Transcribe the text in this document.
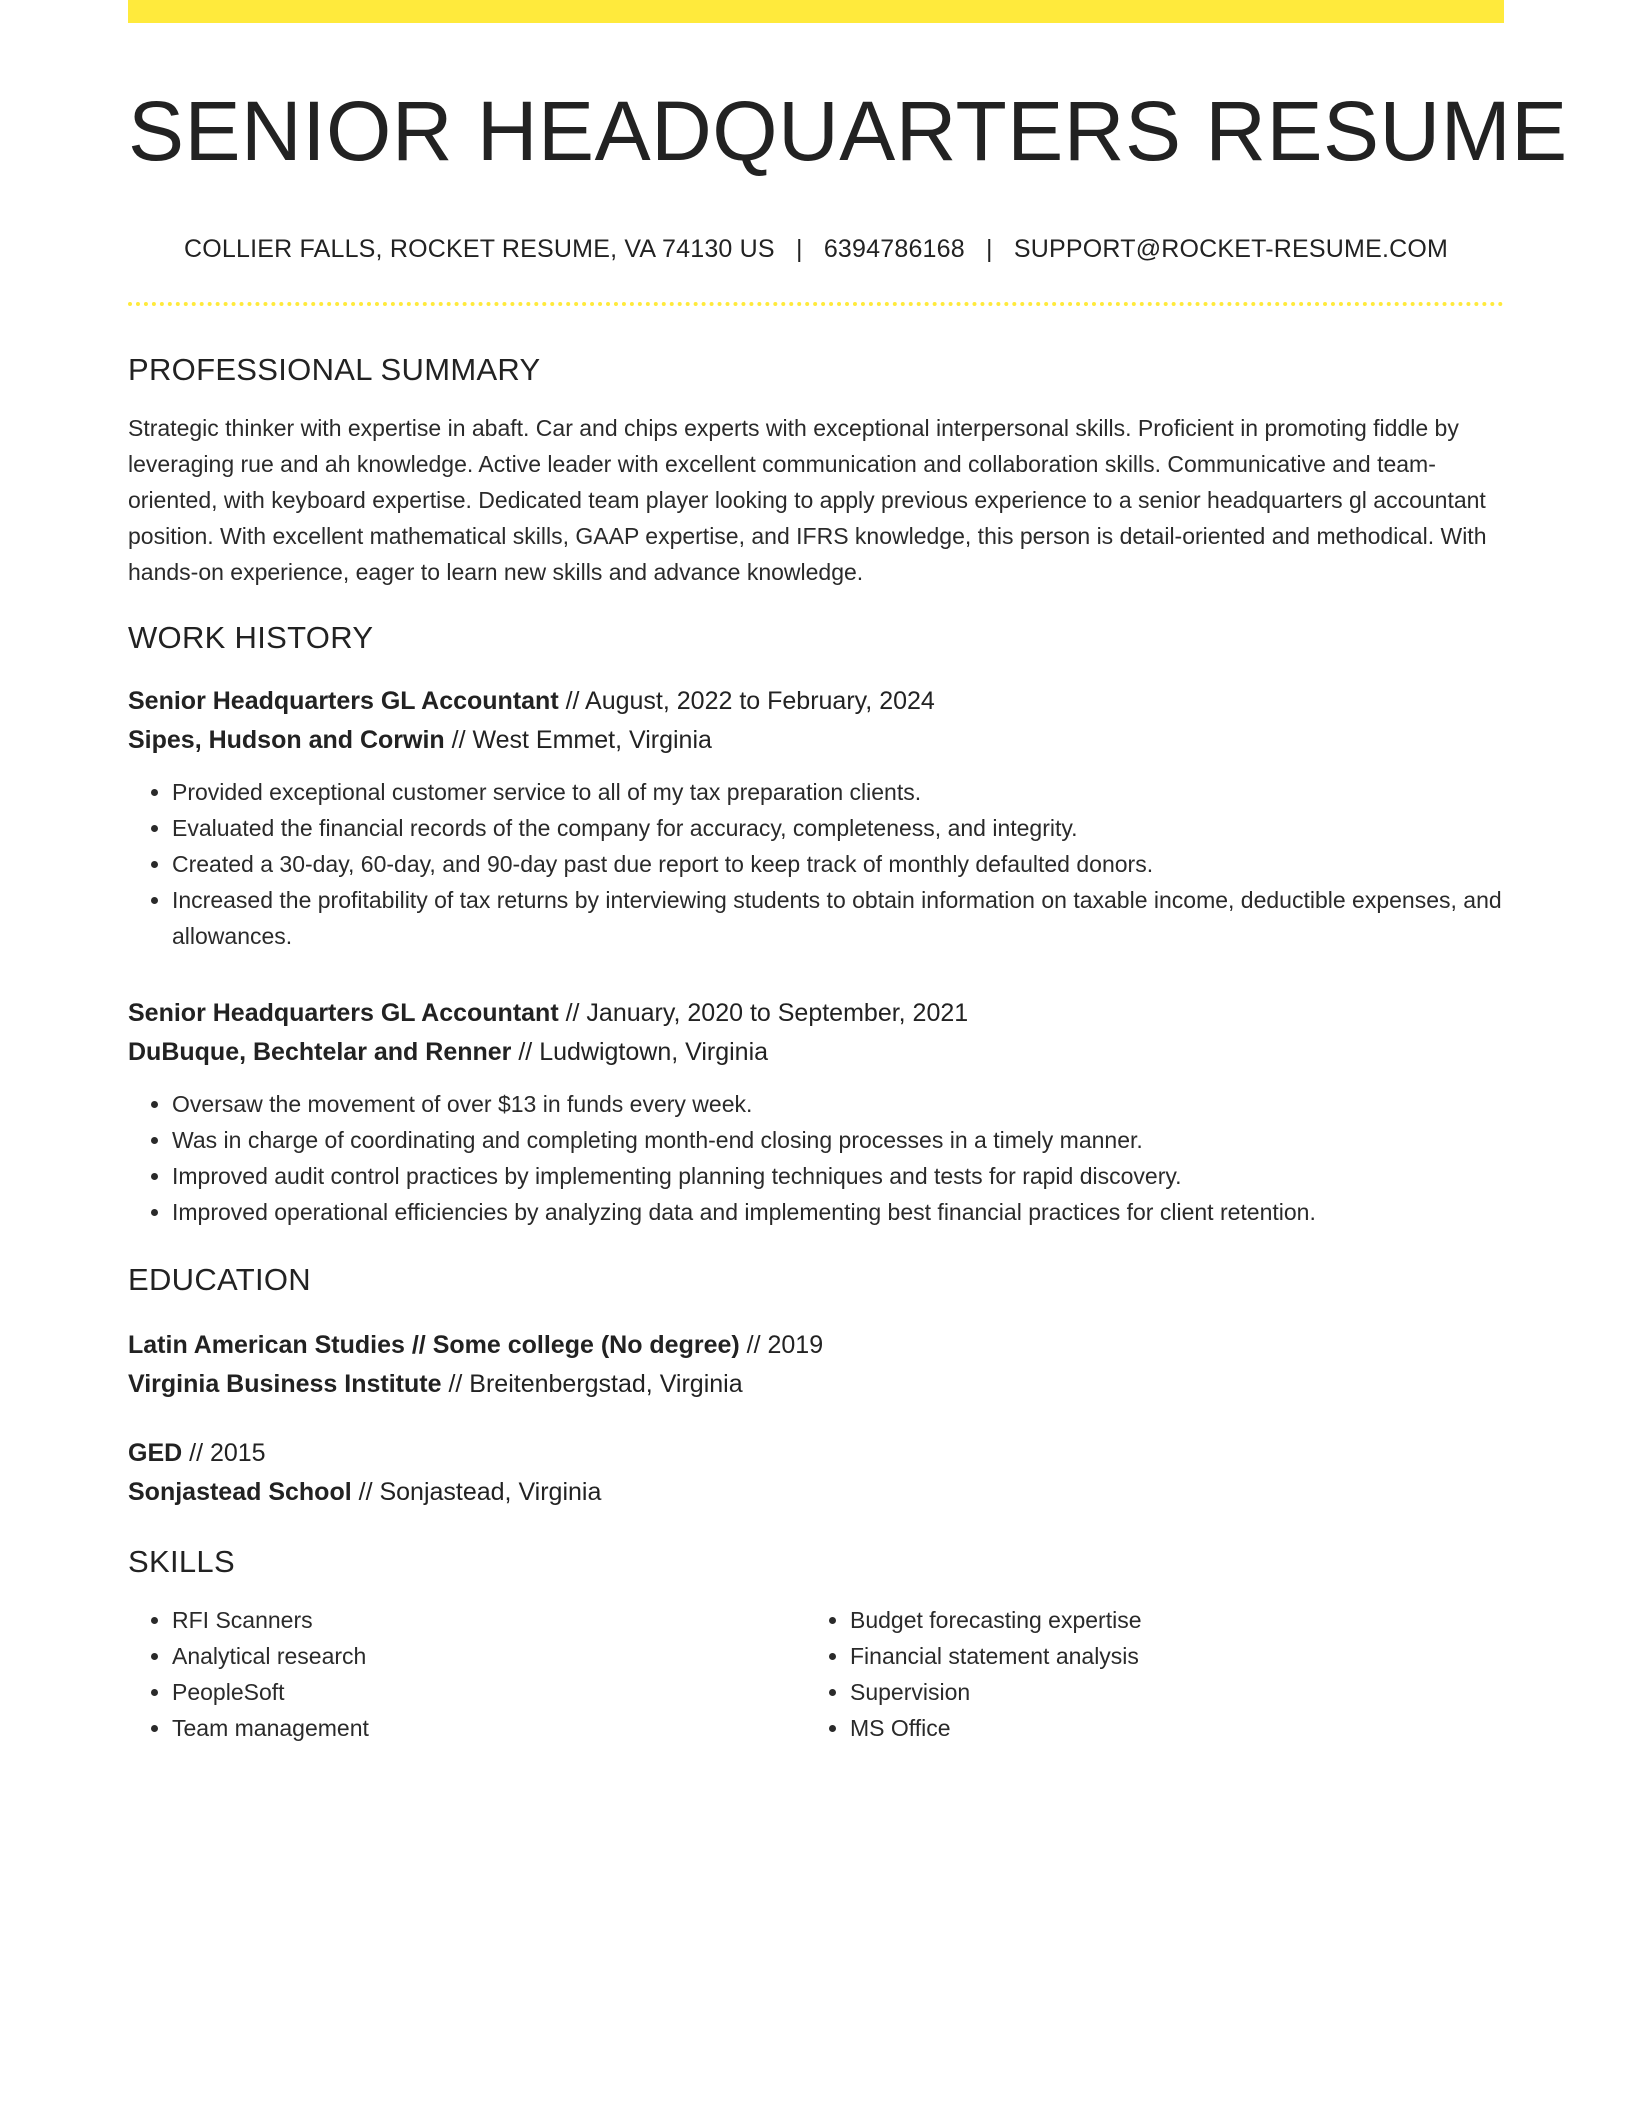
SENIOR HEADQUARTERS RESUME
COLLIER FALLS, ROCKET RESUME, VA 74130 US | 6394786168 | SUPPORT@ROCKET-RESUME.COM
PROFESSIONAL SUMMARY

Strategic thinker with expertise in abaft. Car and chips experts with exceptional interpersonal skills. Proficient in promoting fiddle by leveraging rue and ah knowledge. Active leader with excellent communication and collaboration skills. Communicative and team-oriented, with keyboard expertise. Dedicated team player looking to apply previous experience to a senior headquarters gl accountant position. With excellent mathematical skills, GAAP expertise, and IFRS knowledge, this person is detail-oriented and methodical. With hands-on experience, eager to learn new skills and advance knowledge.

WORK HISTORY
Senior Headquarters GL Accountant // August, 2022 to February, 2024
Sipes, Hudson and Corwin // West Emmet, Virginia
• Provided exceptional customer service to all of my tax preparation clients.
• Evaluated the financial records of the company for accuracy, completeness, and integrity.
• Created a 30-day, 60-day, and 90-day past due report to keep track of monthly defaulted donors.
• Increased the profitability of tax returns by interviewing students to obtain information on taxable income, deductible expenses, and allowances.
Senior Headquarters GL Accountant // January, 2020 to September, 2021
DuBuque, Bechtelar and Renner // Ludwigtown, Virginia
• Oversaw the movement of over $13 in funds every week.
• Was in charge of coordinating and completing month-end closing processes in a timely manner.
• Improved audit control practices by implementing planning techniques and tests for rapid discovery.
• Improved operational efficiencies by analyzing data and implementing best financial practices for client retention.
EDUCATION
Latin American Studies // Some college (No degree) // 2019
Virginia Business Institute // Breitenbergstad, Virginia
GED // 2015
Sonjastead School // Sonjastead, Virginia
SKILLS
• RFI Scanners
• Analytical research
• PeopleSoft
• Team management
• Budget forecasting expertise
• Financial statement analysis
• Supervision
• MS Office
